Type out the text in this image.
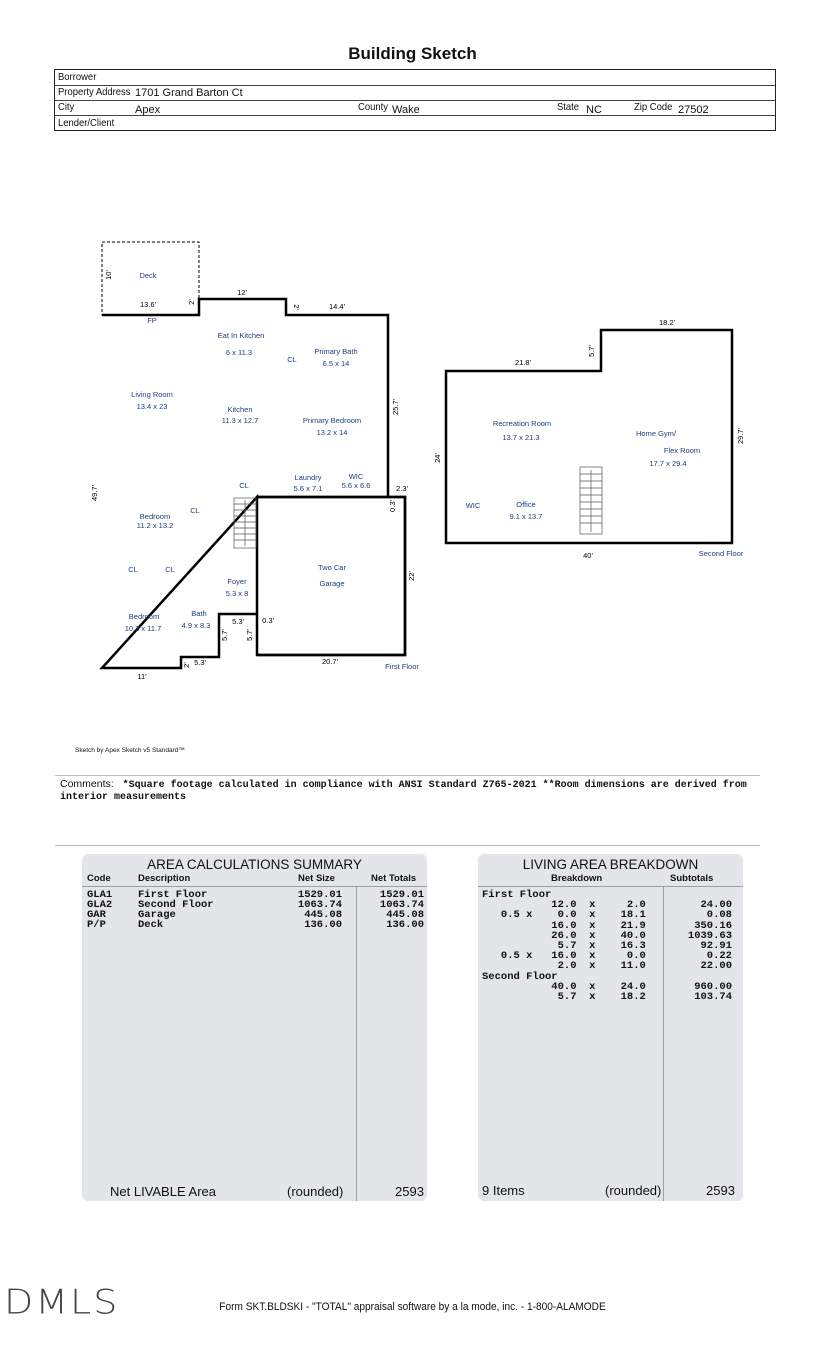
Building Sketch
Borrower
Property Address 1701 Grand Barton Ct
City	Apex	County Wake	State NC	Zip Code 27502
Lender/Client
Deck
Eat In Kitchen
6 x 11.3	Primary Bath
6.5 x 14
Living Room
13.4 x 23	Kitchen
11.3 x 12.7	Primary Bedroom
13.2 x 14
Laundry
5.6 x 7.1
WIC
5.6 x 6.6
Bedroom
11.2 x 13.2
Foyer
5.3 x 8
Bedroom
10.3 x 11.7
Bath
4.9 x 8.3
Two Car
Garage
Recreation Room
13.7 x 21.3	Home Gym/
Flex Room
17.7 x 29.4
Office
9.1 x 13.7
WIC
FP
CL
CL
CL
CL	CL
First Floor
Second Floor
10'
13.6'	2'
12'
2'	14.4'
25.7'
2.3'
0.3'
22'
20.7'
49.7'
11'
2' 5.3'
5.3'
5.7' 5.7'
0.3'
18.2'
21.8'
5.7'
24'
29.7'
40'
Sketch by Apex Sketch v5 Standard™
Comments: *Square footage calculated in compliance with ANSI Standard Z765-2021 **Room dimensions are derived from
interior measurements
AREA CALCULATIONS SUMMARY
Code	Description	Net Size	Net Totals
GLA1 First Floor	1529.01	1529.01
GLA2 Second Floor	1063.74	1063.74
GAR	Garage	445.08	445.08
P/P	Deck	136.00	136.00
Net LIVABLE Area	(rounded)	2593
LIVING AREA BREAKDOWN
Breakdown	Subtotals
First Floor
12.0  x     2.0	24.00
0.5 x    0.0  x    18.1	0.08
16.0  x    21.9	350.16
26.0  x    40.0	1039.63
5.7  x    16.3	92.91
0.5 x   16.0  x     0.0	0.22
2.0  x    11.0	22.00
Second Floor
40.0  x    24.0	960.00
5.7  x    18.2	103.74
9 Items	(rounded)	2593
DMLS	Form SKT.BLDSKI - "TOTAL" appraisal software by a la mode, inc. - 1-800-ALAMODE
